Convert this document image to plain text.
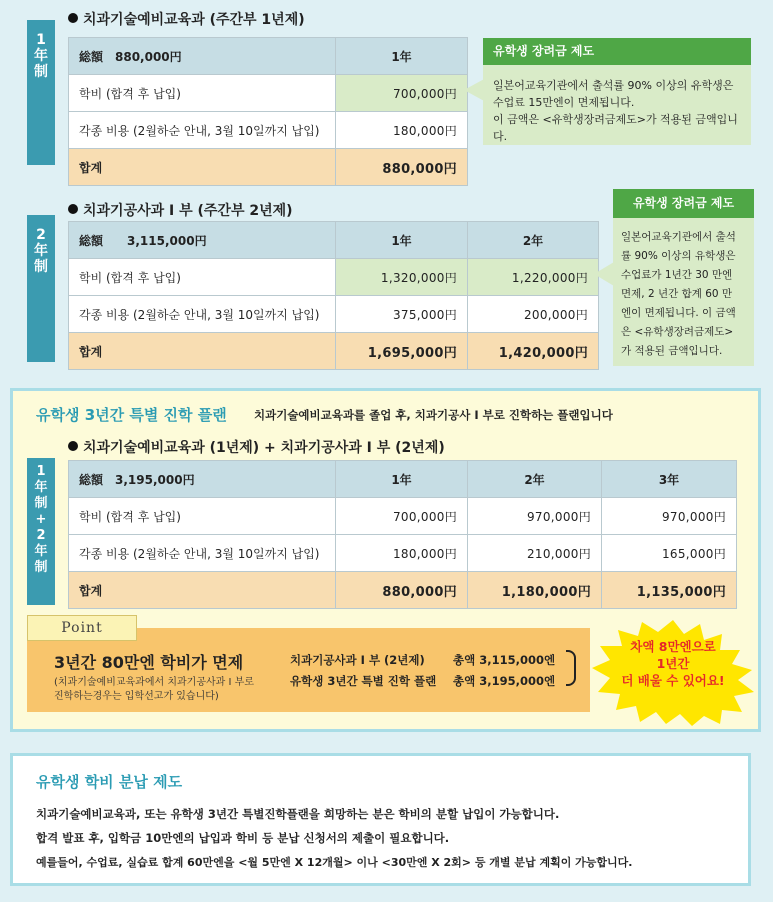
1
年
制
치과기술예비교육과 (주간부 1년제)
総額　880,000円	1年
학비 (합격 후 납입)	700,000円
각종 비용 (2월하순 안내, 3월 10일까지 납입)	180,000円
합계	880,000円
유학생 장려금 제도
일본어교육기관에서 출석률 90% 이상의 유학생은
수업료 15만엔이 면제됩니다.
이 금액은 <유학생장려금제도>가 적용된 금액입니다.
2
年
制
치과기공사과 I 부 (주간부 2년제)
総額　　3,115,000円	1年	2年
학비 (합격 후 납입)	1,320,000円	1,220,000円
각종 비용 (2월하순 안내, 3월 10일까지 납입)	375,000円	200,000円
합계	1,695,000円	1,420,000円
유학생 장려금 제도
일본어교육기관에서 출석
률 90% 이상의 유학생은
수업료가 1년간 30 만엔
면제, 2 년간 합계 60 만
엔이 면제됩니다. 이 금액
은 <유학생장려금제도>
가 적용된 금액입니다.
유학생 3년간 특별 진학 플랜 치과기술예비교육과를 졸업 후, 치과기공사 I 부로 진학하는 플랜입니다
1
年
制
+
2
年
制
치과기술예비교육과 (1년제) + 치과기공사과 I 부 (2년제)
総額　3,195,000円	1年	2年	3年
학비 (합격 후 납입)	700,000円	970,000円	970,000円
각종 비용 (2월하순 안내, 3월 10일까지 납입)	180,000円	210,000円	165,000円
합계	880,000円	1,180,000円	1,135,000円
Point
3년간 80만엔 학비가 면제
(치과기술예비교육과에서 치과기공사과 I 부로
진학하는경우는 입학선고가 있습니다)
치과기공사과 I 부 (2년제) 총액 3,115,000엔
유학생 3년간 특별 진학 플랜 총액 3,195,000엔
차액 8만엔으로
1년간
더 배울 수 있어요!
유학생 학비 분납 제도
치과기술예비교육과, 또는 유학생 3년간 특별진학플랜을 희망하는 분은 학비의 분할 납입이 가능합니다.
합격 발표 후, 입학금 10만엔의 납입과 학비 등 분납 신청서의 제출이 필요합니다.
예를들어, 수업료, 실습료 합계 60만엔을 <월 5만엔 X 12개월> 이나 <30만엔 X 2회> 등 개별 분납 계획이 가능합니다.
